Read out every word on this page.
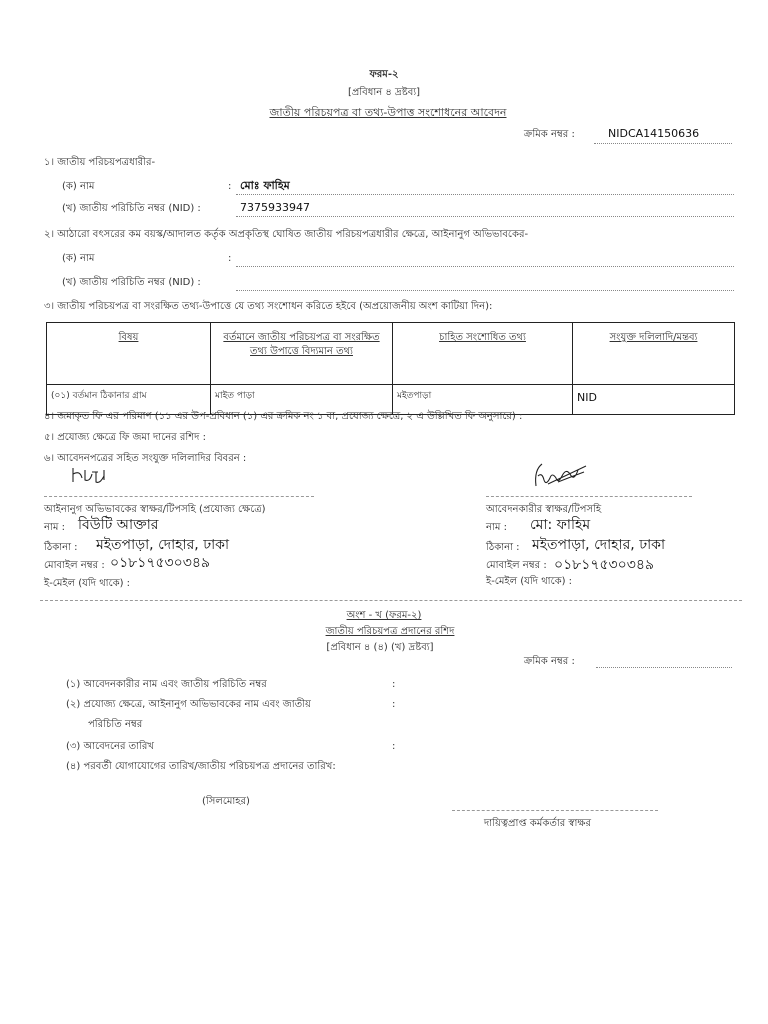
ফরম-২
[প্রবিধান ৪ দ্রষ্টব্য]
জাতীয় পরিচয়পত্র বা তথ্য-উপাত্ত সংশোধনের আবেদন
ক্রমিক নম্বর :	NIDCA14150636
১। জাতীয় পরিচয়পত্রধারীর-
(ক) নাম	: মোঃ ফাহিম
(খ) জাতীয় পরিচিতি নম্বর (NID) :	7375933947
২। আঠারো বৎসরের কম বয়স্ক/আদালত কর্তৃক অপ্রকৃতিস্থ ঘোষিত জাতীয় পরিচয়পত্রধারীর ক্ষেত্রে, আইনানুগ অভিভাবকের-
(ক) নাম	:
(খ) জাতীয় পরিচিতি নম্বর (NID) :
৩। জাতীয় পরিচয়পত্র বা সংরক্ষিত তথ্য-উপাত্তে যে তথ্য সংশোধন করিতে হইবে (অপ্রয়োজনীয় অংশ কাটিয়া দিন):
বিষয়	বর্তমানে জাতীয় পরিচয়পত্র বা সংরক্ষিত তথ্য উপাত্তে বিদ্যমান তথ্য	চাহিত সংশোধিত তথ্য	সংযুক্ত দলিলাদি/মন্তব্য
(০১) বর্তমান ঠিকানার গ্রাম	মাইত পাড়া	মইতপাড়া	NID
৪। জমাকৃত ফি এর পরিমাণ (১১ এর উপ-প্রবিধান (১) এর ক্রমিক নং ১ বা, প্রযোজ্য ক্ষেত্রে, ২ এ উল্লিখিত ফি অনুসারে) :
৫। প্রযোজ্য ক্ষেত্রে ফি জমা দানের রশিদ :
৬। আবেদনপত্রের সহিত সংযুক্ত দলিলাদির বিবরন :
আইনানুগ অভিভাবকের স্বাক্ষর/টিপসহি (প্রযোজ্য ক্ষেত্রে)
নাম : বিউটি আক্তার
ঠিকানা : মইতপাড়া, দোহার, ঢাকা
মোবাইল নম্বর : ০১৮১৭৫৩০৩৪৯
ই-মেইল (যদি থাকে) :
আবেদনকারীর স্বাক্ষর/টিপসহি
নাম : মো: ফাহিম
ঠিকানা : মইতপাড়া, দোহার, ঢাকা
মোবাইল নম্বর : ০১৮১৭৫৩০৩৪৯
ই-মেইল (যদি থাকে) :
অংশ - খ (ফরম-২)
জাতীয় পরিচয়পত্র প্রদানের রশিদ
[প্রবিধান ৪ (৪) (খ) দ্রষ্টব্য]
ক্রমিক নম্বর :
(১) আবেদনকারীর নাম এবং জাতীয় পরিচিতি নম্বর	:
(২) প্রযোজ্য ক্ষেত্রে, আইনানুগ অভিভাবকের নাম এবং জাতীয়	:
পরিচিতি নম্বর
(৩) আবেদনের তারিখ	:
(৪) পরবর্তী যোগাযোগের তারিখ/জাতীয় পরিচয়পত্র প্রদানের তারিখ:
(সিলমোহর)
দায়িত্বপ্রাপ্ত কর্মকর্তার স্বাক্ষর
